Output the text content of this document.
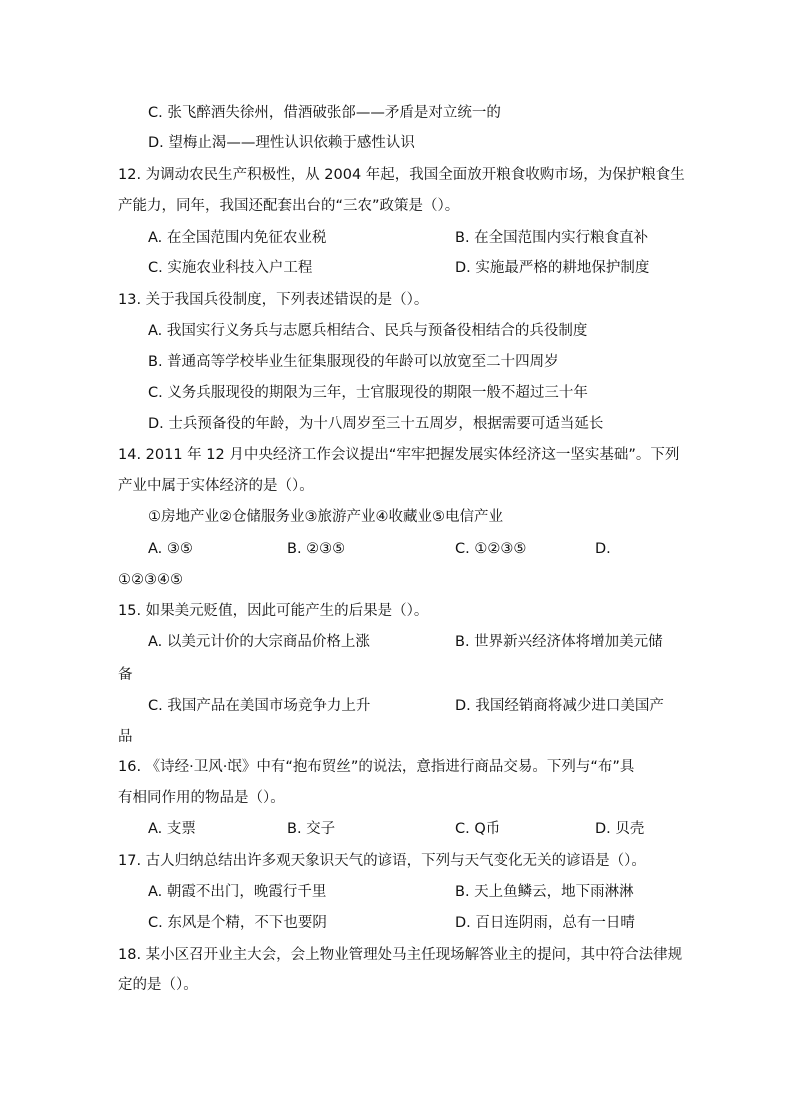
C. 张飞醉酒失徐州，借酒破张郃——矛盾是对立统一的
D. 望梅止渴——理性认识依赖于感性认识
12. 为调动农民生产积极性，从 2004 年起，我国全面放开粮食收购市场，为保护粮食生
产能力，同年，我国还配套出台的“三农”政策是（）。
A. 在全国范围内免征农业税	B. 在全国范围内实行粮食直补
C. 实施农业科技入户工程	D. 实施最严格的耕地保护制度
13. 关于我国兵役制度，下列表述错误的是（）。
A. 我国实行义务兵与志愿兵相结合、民兵与预备役相结合的兵役制度
B. 普通高等学校毕业生征集服现役的年龄可以放宽至二十四周岁
C. 义务兵服现役的期限为三年，士官服现役的期限一般不超过三十年
D. 士兵预备役的年龄，为十八周岁至三十五周岁，根据需要可适当延长
14. 2011 年 12 月中央经济工作会议提出“牢牢把握发展实体经济这一坚实基础”。下列
产业中属于实体经济的是（）。
①房地产业②仓储服务业③旅游产业④收藏业⑤电信产业
A. ③⑤	B. ②③⑤	C. ①②③⑤	D.
①②③④⑤
15. 如果美元贬值，因此可能产生的后果是（）。
A. 以美元计价的大宗商品价格上涨	B. 世界新兴经济体将增加美元储
备
C. 我国产品在美国市场竞争力上升	D. 我国经销商将减少进口美国产
品
16. 《诗经·卫风·氓》中有“抱布贸丝”的说法，意指进行商品交易。下列与“布”具
有相同作用的物品是（）。
A. 支票	B. 交子	C. Q币	D. 贝壳
17. 古人归纳总结出许多观天象识天气的谚语，下列与天气变化无关的谚语是（）。
A. 朝霞不出门，晚霞行千里	B. 天上鱼鳞云，地下雨淋淋
C. 东风是个精，不下也要阴	D. 百日连阴雨，总有一日晴
18. 某小区召开业主大会，会上物业管理处马主任现场解答业主的提问，其中符合法律规
定的是（）。
